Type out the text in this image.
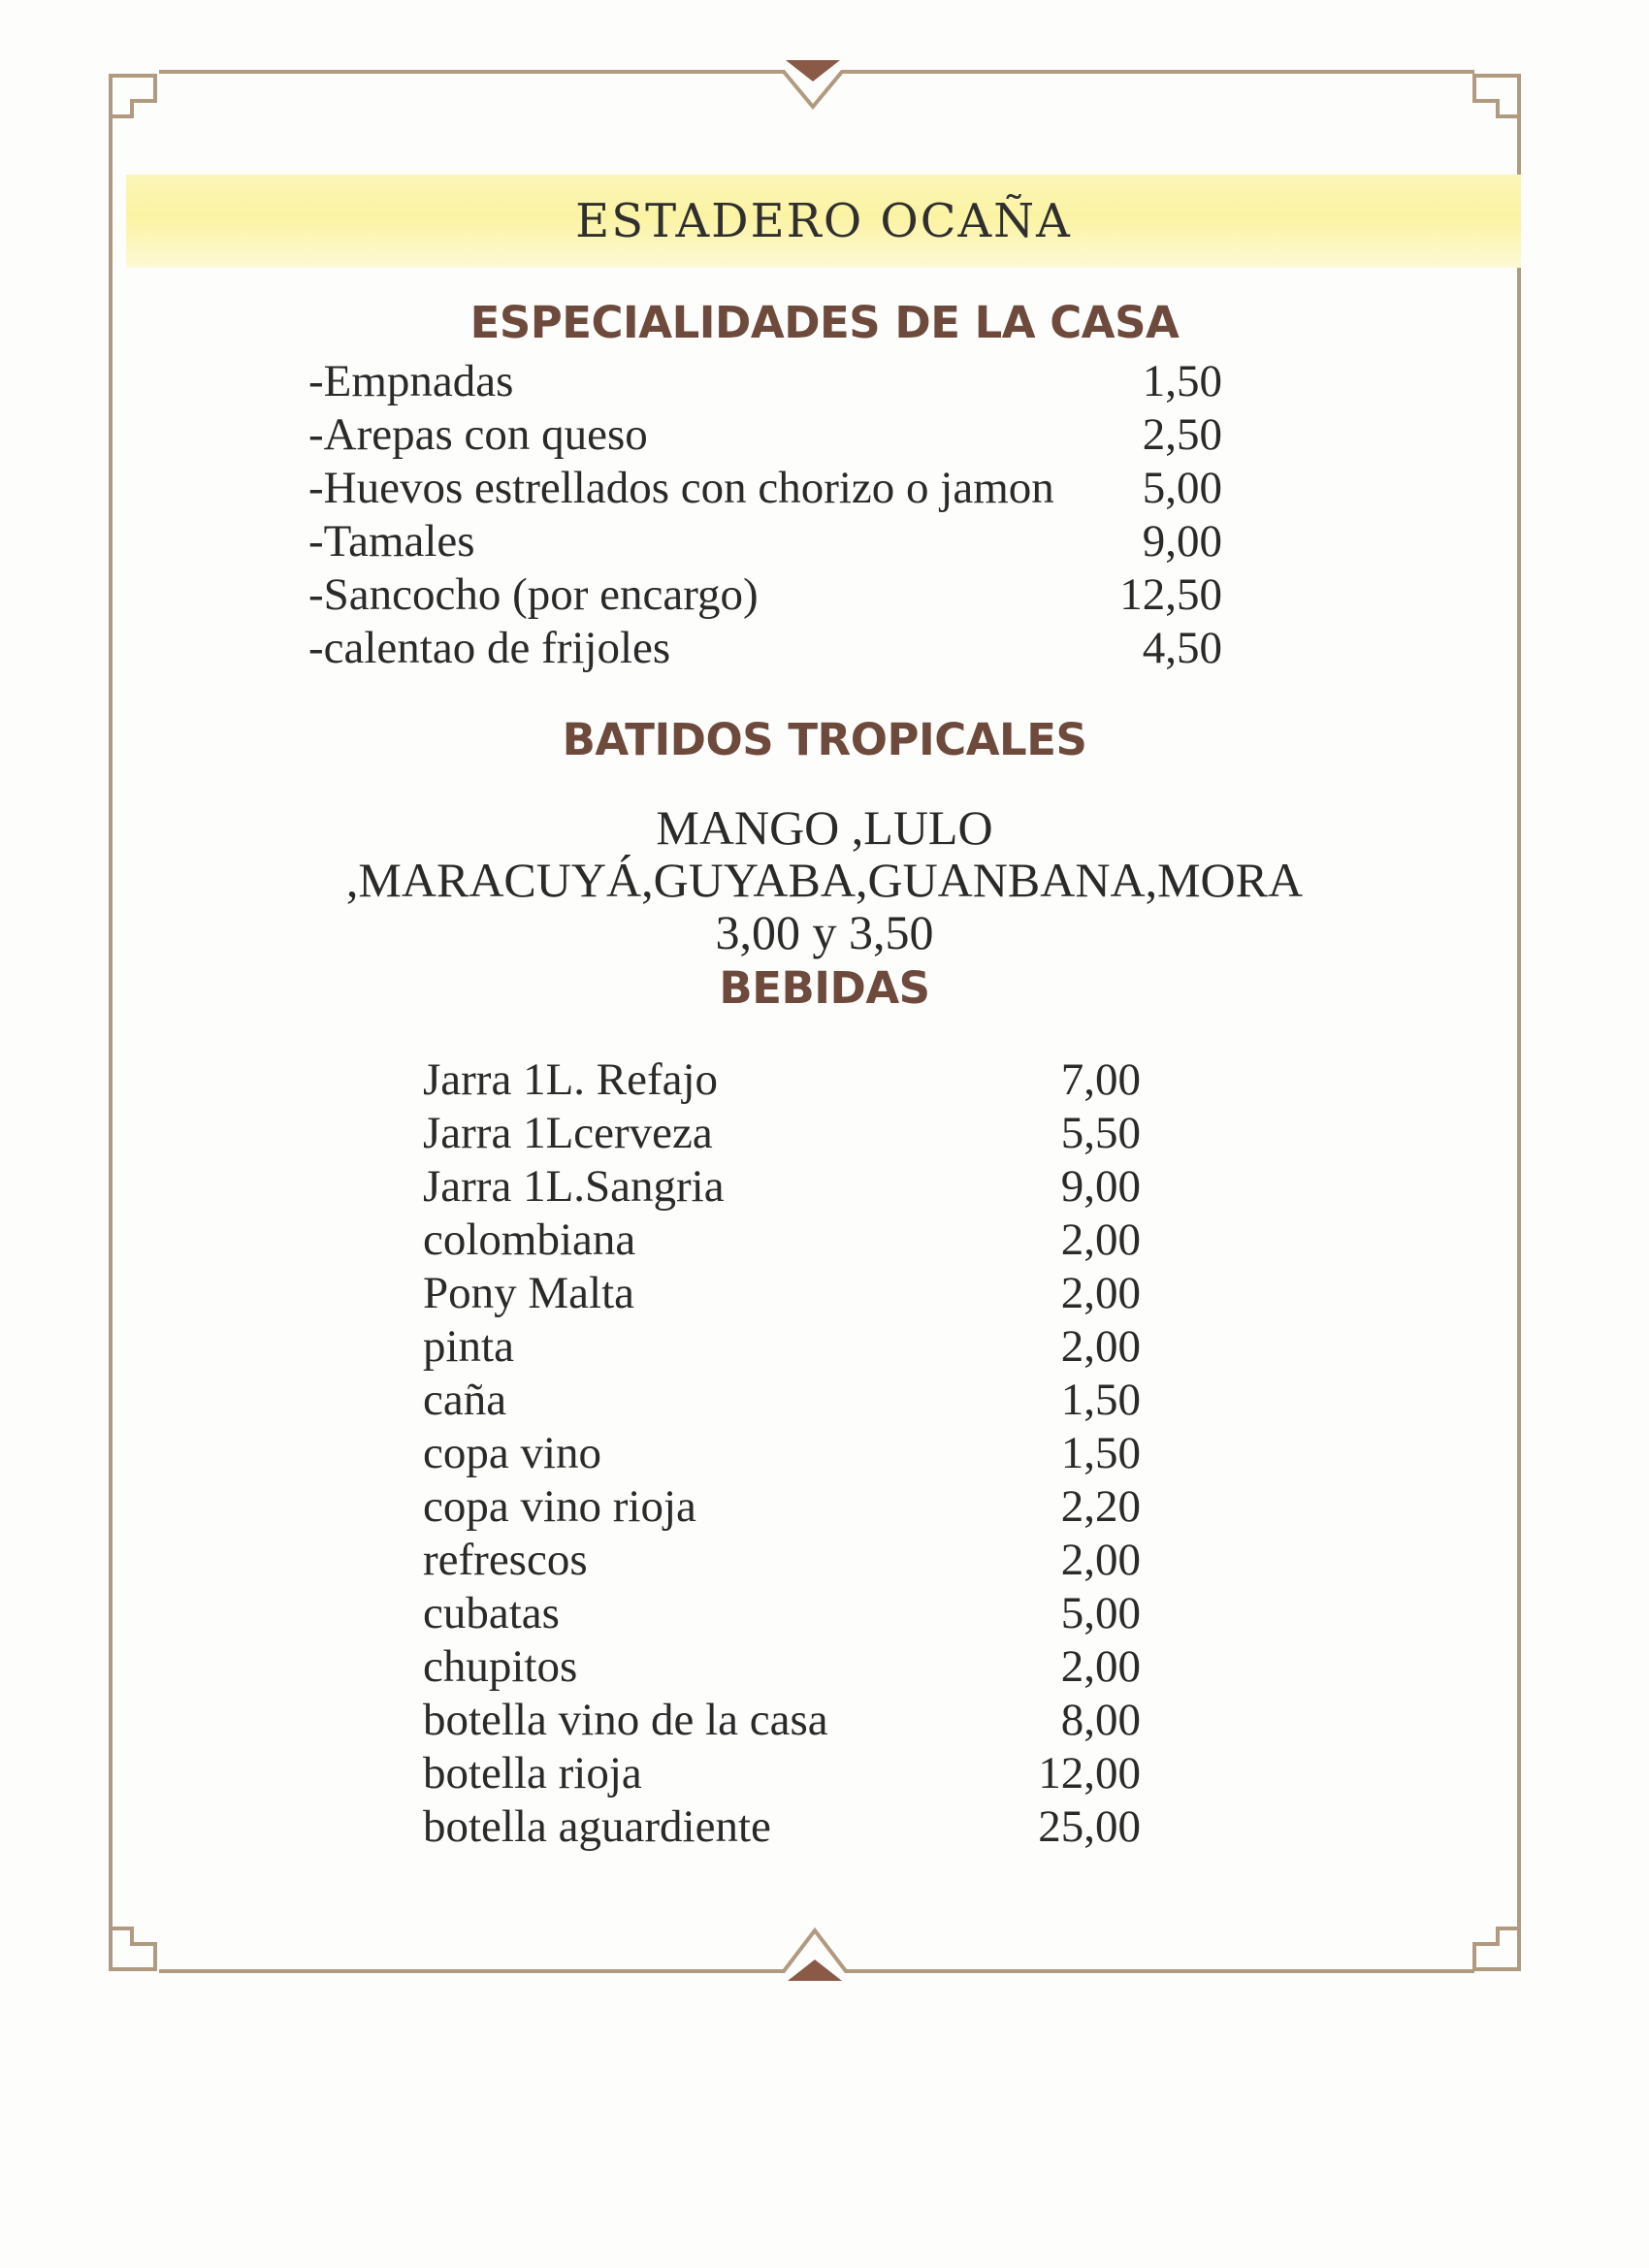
ESTADERO OCAÑA
ESPECIALIDADES DE LA CASA
-Empnadas	1,50
-Arepas con queso	2,50
-Huevos estrellados con chorizo o jamon 5,00
-Tamales	9,00
-Sancocho (por encargo)	12,50
-calentao de frijoles	4,50
BATIDOS TROPICALES
MANGO ,LULO
,MARACUYÁ,GUYABA,GUANBANA,MORA
3,00 y 3,50
BEBIDAS
Jarra 1L. Refajo	7,00
Jarra 1Lcerveza	5,50
Jarra 1L.Sangria	9,00
colombiana	2,00
Pony Malta	2,00
pinta	2,00
caña	1,50
copa vino	1,50
copa vino rioja	2,20
refrescos	2,00
cubatas	5,00
chupitos	2,00
botella vino de la casa	8,00
botella rioja	12,00
botella aguardiente	25,00
